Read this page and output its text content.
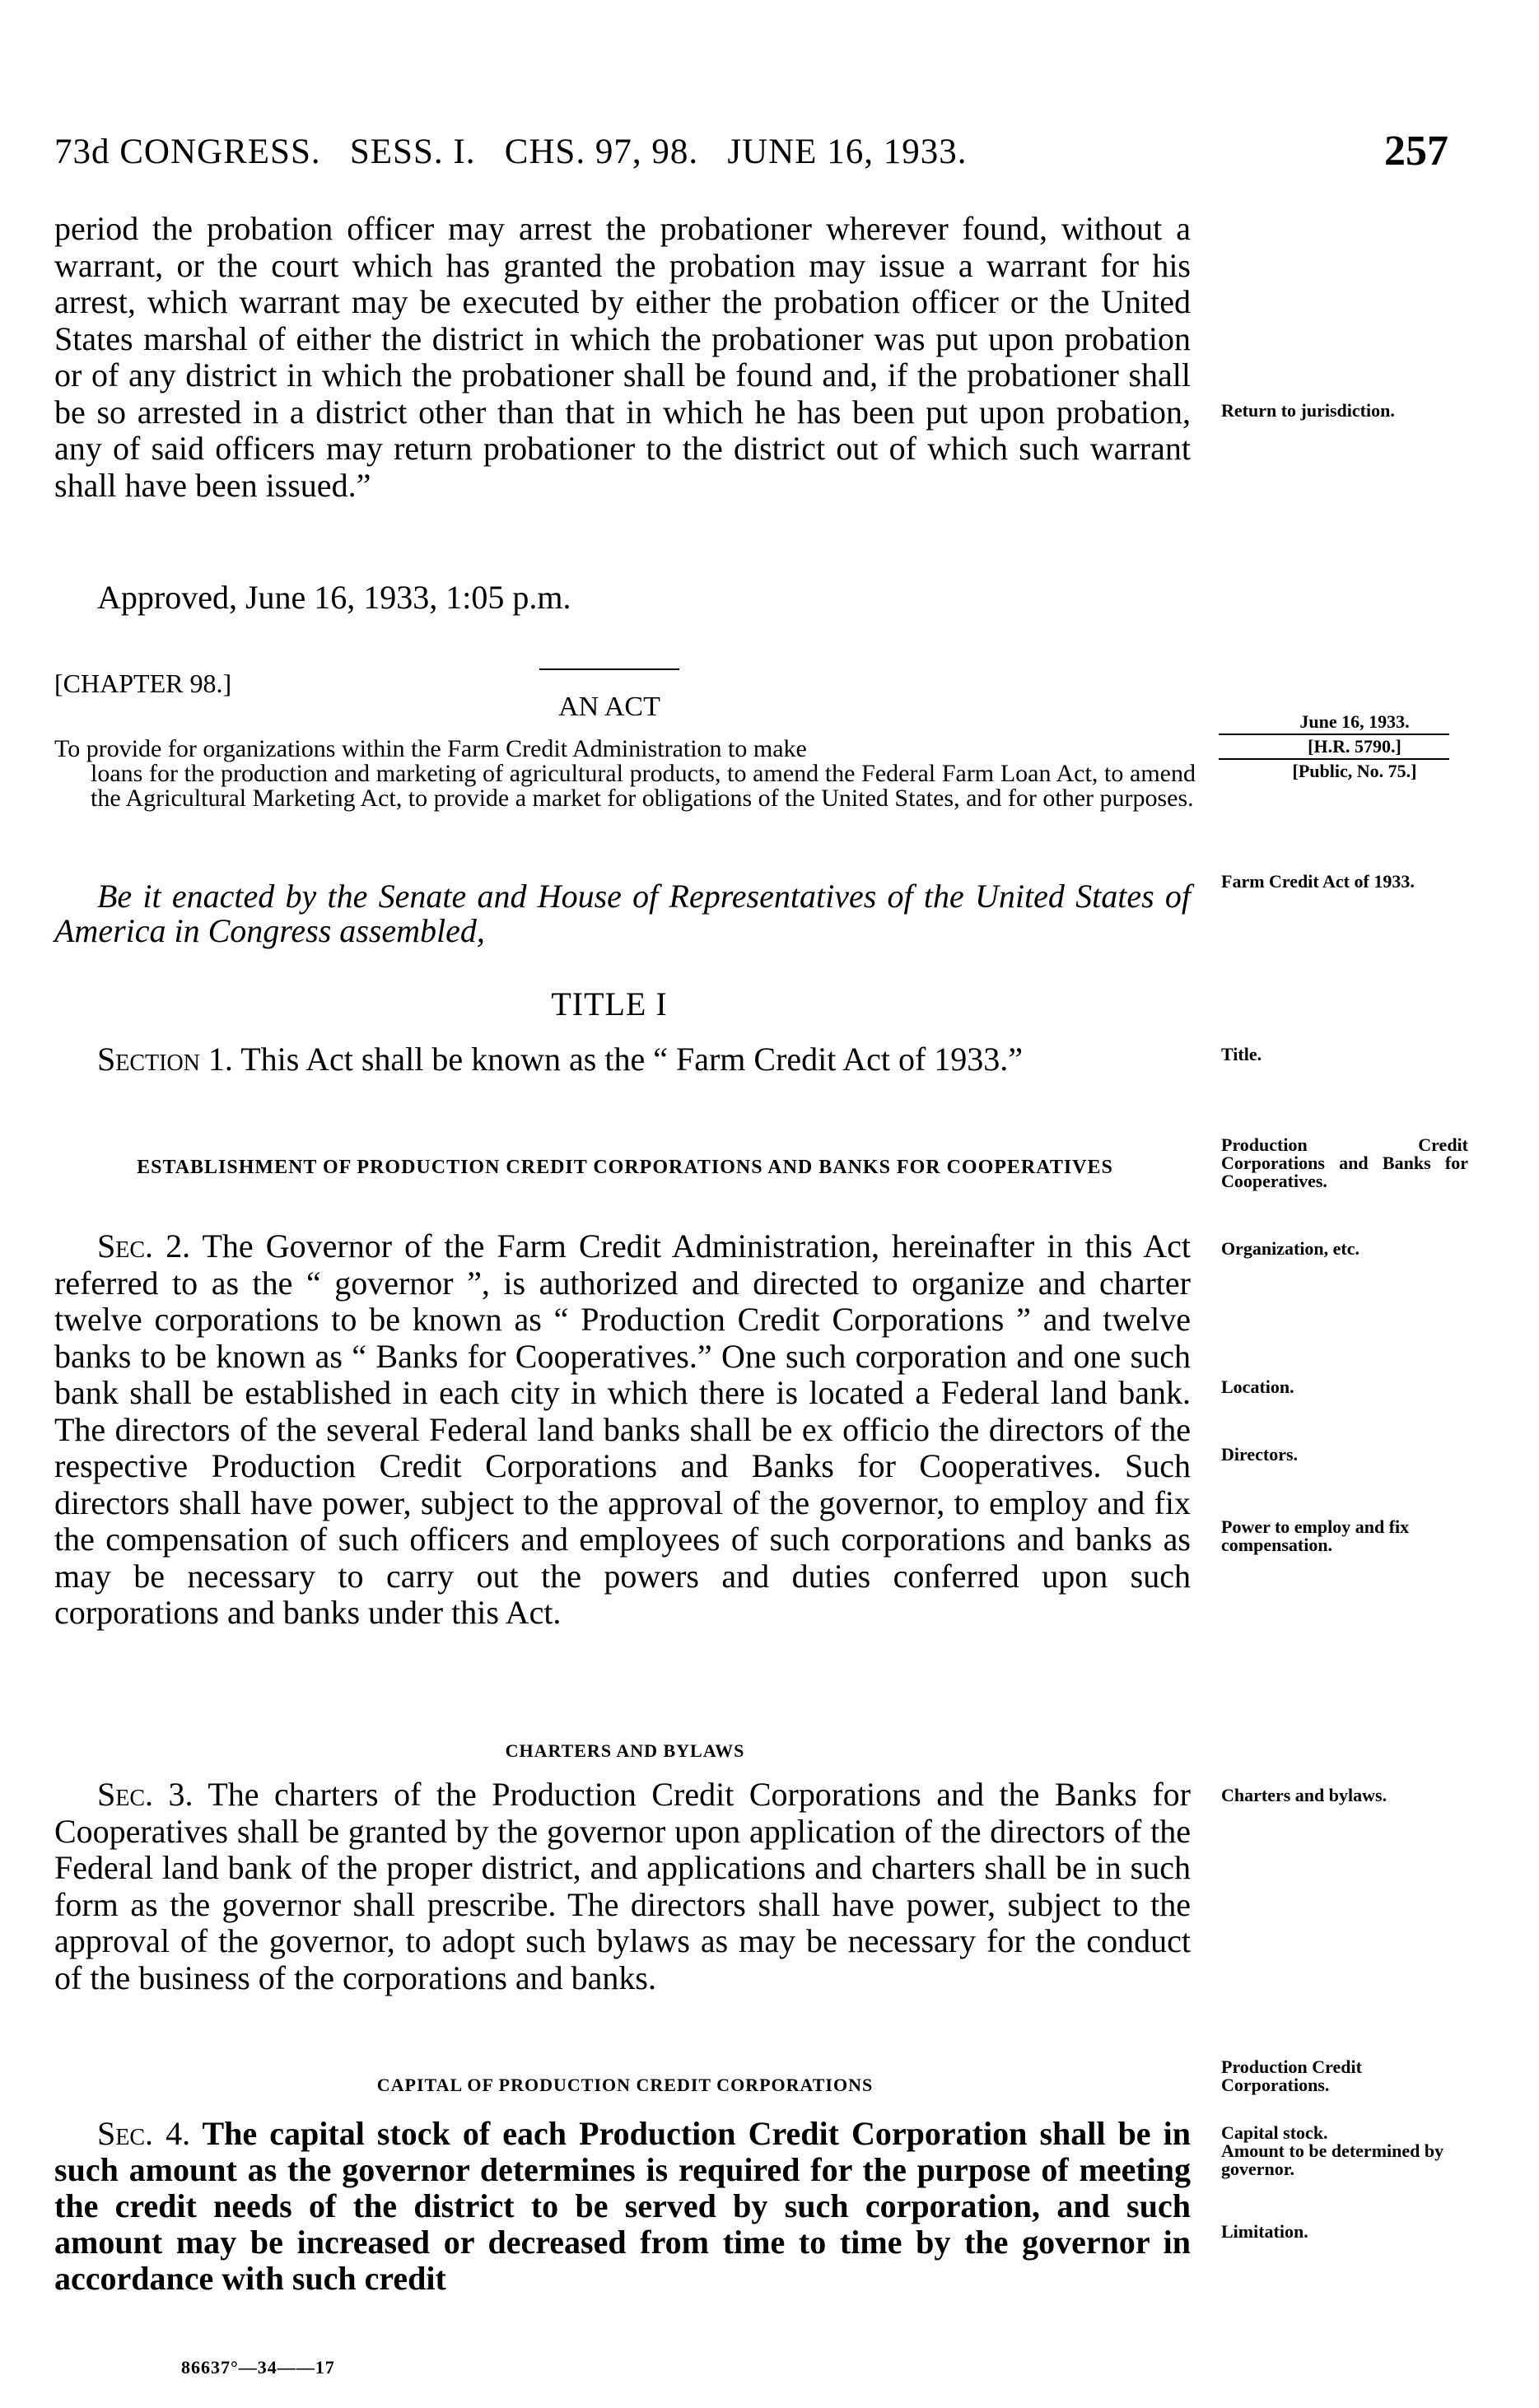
73d CONGRESS.   SESS. I.   CHS. 97, 98.   JUNE 16, 1933.	257
period the probation officer may arrest the probationer wherever found, without a warrant, or the court which has granted the probation may issue a warrant for his arrest, which warrant may be executed by either the probation officer or the United States marshal of either the district in which the probationer was put upon probation or of any district in which the probationer shall be found and, if the probationer shall be so arrested in a district other than that in which he has been put upon probation, any of said officers may return probationer to the district out of which such warrant shall have been issued.”
Return to jurisdiction.
Approved, June 16, 1933, 1:05 p.m.
[CHAPTER 98.]
AN ACT	June 16, 1933.
[H.R. 5790.]
[Public, No. 75.]
To provide for organizations within the Farm Credit Administration to make
loans for the production and marketing of agricultural products, to amend the Federal Farm Loan Act, to amend the Agricultural Marketing Act, to provide a market for obligations of the United States, and for other purposes.
Be it enacted by the Senate and House of Representatives of the United States of America in Congress assembled,
Farm Credit Act of 1933.
TITLE I
Section 1. This Act shall be known as the “ Farm Credit Act of 1933.”	Title.
ESTABLISHMENT OF PRODUCTION CREDIT CORPORATIONS AND BANKS FOR COOPERATIVES
Production Credit Corporations and Banks for Cooperatives.
Sec. 2. The Governor of the Farm Credit Administration, hereinafter in this Act referred to as the “ governor ”, is authorized and directed to organize and charter twelve corporations to be known as “ Production Credit Corporations ” and twelve banks to be known as “ Banks for Cooperatives.” One such corporation and one such bank shall be established in each city in which there is located a Federal land bank. The directors of the several Federal land banks shall be ex officio the directors of the respective Production Credit Corporations and Banks for Cooperatives. Such directors shall have power, subject to the approval of the governor, to employ and fix the compensation of such officers and employees of such corporations and banks as may be necessary to carry out the powers and duties conferred upon such corporations and banks under this Act.
Organization, etc.
Location.
Directors.
Power to employ and fix compensation.
CHARTERS AND BYLAWS
Sec. 3. The charters of the Production Credit Corporations and the Banks for Cooperatives shall be granted by the governor upon application of the directors of the Federal land bank of the proper district, and applications and charters shall be in such form as the governor shall prescribe. The directors shall have power, subject to the approval of the governor, to adopt such bylaws as may be necessary for the conduct of the business of the corporations and banks.
Charters and bylaws.
CAPITAL OF PRODUCTION CREDIT CORPORATIONS
Production Credit Corporations.
Sec. 4. The capital stock of each Production Credit Corporation shall be in such amount as the governor determines is required for the purpose of meeting the credit needs of the district to be served by such corporation, and such amount may be increased or decreased from time to time by the governor in accordance with such credit
Capital stock.
Amount to be determined by governor.
Limitation.
86637°—34——17
